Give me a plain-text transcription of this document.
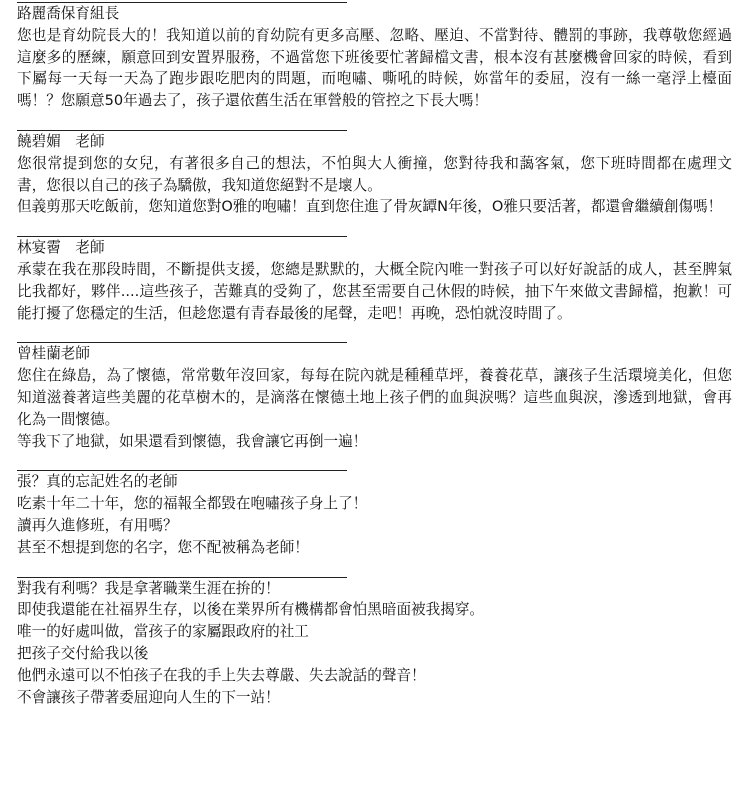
路麗喬保育組長

您也是育幼院長大的！我知道以前的育幼院有更多高壓、忽略、壓迫、不當對待、體罰的事跡，我尊敬您經過這麼多的歷練，願意回到安置界服務，不過當您下班後要忙著歸檔文書，根本沒有甚麼機會回家的時候，看到下屬每一天每一天為了跑步跟吃肥肉的問題，而咆嘯、嘶吼的時候，妳當年的委屈，沒有一絲一毫浮上檯面嗎！？您願意50年過去了，孩子還依舊生活在軍營般的管控之下長大嗎！

饒碧媚　老師

您很常提到您的女兒，有著很多自己的想法，不怕與大人衝撞，您對待我和藹客氣，您下班時間都在處理文書，您很以自己的孩子為驕傲，我知道您絕對不是壞人。

但義剪那天吃飯前，您知道您對O雅的咆嘯！直到您住進了骨灰罈N年後，O雅只要活著，都還會繼續創傷嗎！

林宴霫　老師

承蒙在我在那段時間，不斷提供支援，您總是默默的，大概全院內唯一對孩子可以好好說話的成人，甚至脾氣比我都好，夥伴....這些孩子，苦難真的受夠了，您甚至需要自己休假的時候，抽下午來做文書歸檔，抱歉！可能打擾了您穩定的生活，但趁您還有青春最後的尾聲，走吧！再晚，恐怕就沒時間了。

曾桂蘭老師

您住在綠島，為了懷德，常常數年沒回家，每每在院內就是種種草坪，養養花草，讓孩子生活環境美化，但您知道滋養著這些美麗的花草樹木的，是滴落在懷德土地上孩子們的血與淚嗎？這些血與淚，滲透到地獄，會再化為一間懷德。

等我下了地獄，如果還看到懷德，我會讓它再倒一遍！

張？真的忘記姓名的老師

吃素十年二十年，您的福報全都毀在咆嘯孩子身上了！

讀再久進修班，有用嗎？

甚至不想提到您的名字，您不配被稱為老師！

對我有利嗎？我是拿著職業生涯在拚的！

即使我還能在社福界生存，以後在業界所有機構都會怕黑暗面被我揭穿。

唯一的好處叫做，當孩子的家屬跟政府的社工

把孩子交付給我以後

他們永遠可以不怕孩子在我的手上失去尊嚴、失去說話的聲音！

不會讓孩子帶著委屈迎向人生的下一站！
